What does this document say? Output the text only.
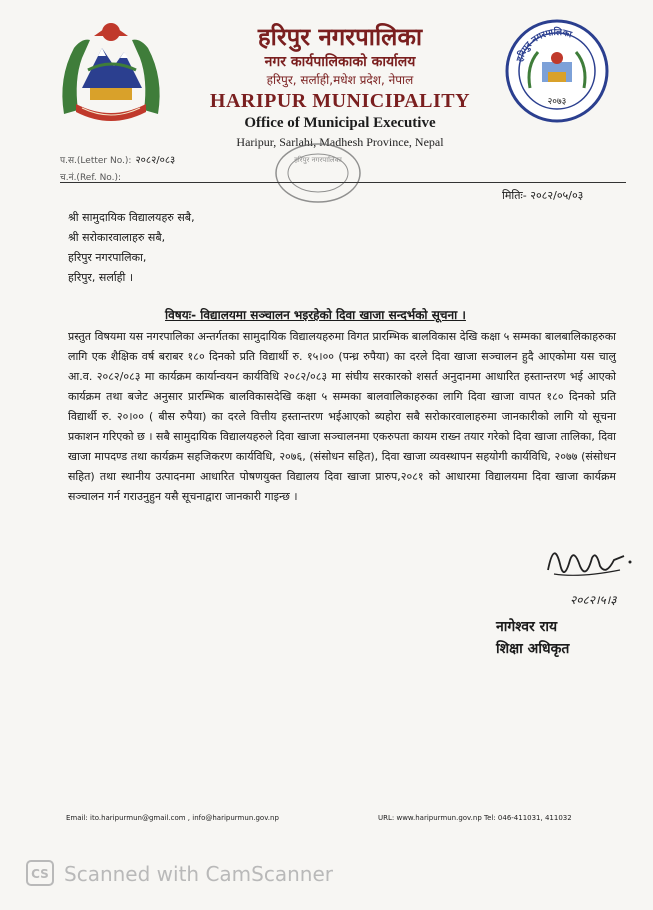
हरिपुर नगरपालिका
नगर कार्यपालिकाको कार्यालय
हरिपुर, सर्लाही,मधेश प्रदेश, नेपाल
HARIPUR MUNICIPALITY
Office of Municipal Executive
Haripur, Sarlahi, Madhesh Province, Nepal
हरिपुर नगरपालिका
२०७३
प.स.(Letter No.): २०८२/०८३
च.नं.(Ref. No.):
हरिपुर नगरपालिका
मितिः- २०८२/०५/०३
श्री सामुदायिक विद्यालयहरु सबै,
श्री सरोकारवालाहरु सबै,
हरिपुर नगरपालिका,
हरिपुर, सर्लाही ।
विषयः- विद्यालयमा सञ्चालन भइरहेको दिवा खाजा सन्दर्भको सूचना ।
प्रस्तुत विषयमा यस नगरपालिका अन्तर्गतका सामुदायिक विद्यालयहरुमा विगत प्रारम्भिक बालविकास देखि कक्षा ५ सम्मका बालबालिकाहरुका लागि एक शैक्षिक वर्ष बराबर १८० दिनको प्रति विद्यार्थी रु. १५।०० (पन्ध्र रुपैया) का दरले दिवा खाजा सञ्चालन हुदै आएकोमा यस चालु आ.व. २०८२/०८३ मा कार्यक्रम कार्यान्वयन कार्यविधि २०८२/०८३ मा संघीय सरकारको शसर्त अनुदानमा आधारित हस्तान्तरण भई आएको कार्यक्रम तथा बजेट अनुसार प्रारम्भिक बालविकासदेखि कक्षा ५ सम्मका बालवालिकाहरुका लागि दिवा खाजा वापत १८० दिनको प्रति विद्यार्थी रु. २०।०० ( बीस रुपैया) का दरले वित्तीय हस्तान्तरण भईआएको ब्यहोरा सबै सरोकारवालाहरुमा जानकारीको लागि यो सूचना प्रकाशन गरिएको छ । सबै सामुदायिक विद्यालयहरुले दिवा खाजा सञ्चालनमा एकरुपता कायम राख्न तयार गरेको दिवा खाजा तालिका, दिवा खाजा मापदण्ड तथा कार्यक्रम सहजिकरण कार्यविधि, २०७६, (संसोधन सहित), दिवा खाजा व्यवस्थापन सहयोगी कार्यविधि, २०७७ (संसोधन सहित) तथा स्थानीय उत्पादनमा आधारित पोषणयुक्त विद्यालय दिवा खाजा प्रारुप,२०८१ को आधारमा विद्यालयमा दिवा खाजा कार्यक्रम सञ्चालन गर्न गराउनुहुन यसै सूचनाद्वारा जानकारी गाइन्छ ।
२०८२।५।३
नागेश्वर राय
शिक्षा अधिकृत
Email: ito.haripurmun@gmail.com , info@haripurmun.gov.np	URL: www.haripurmun.gov.np Tel: 046-411031, 411032
CS Scanned with CamScanner
